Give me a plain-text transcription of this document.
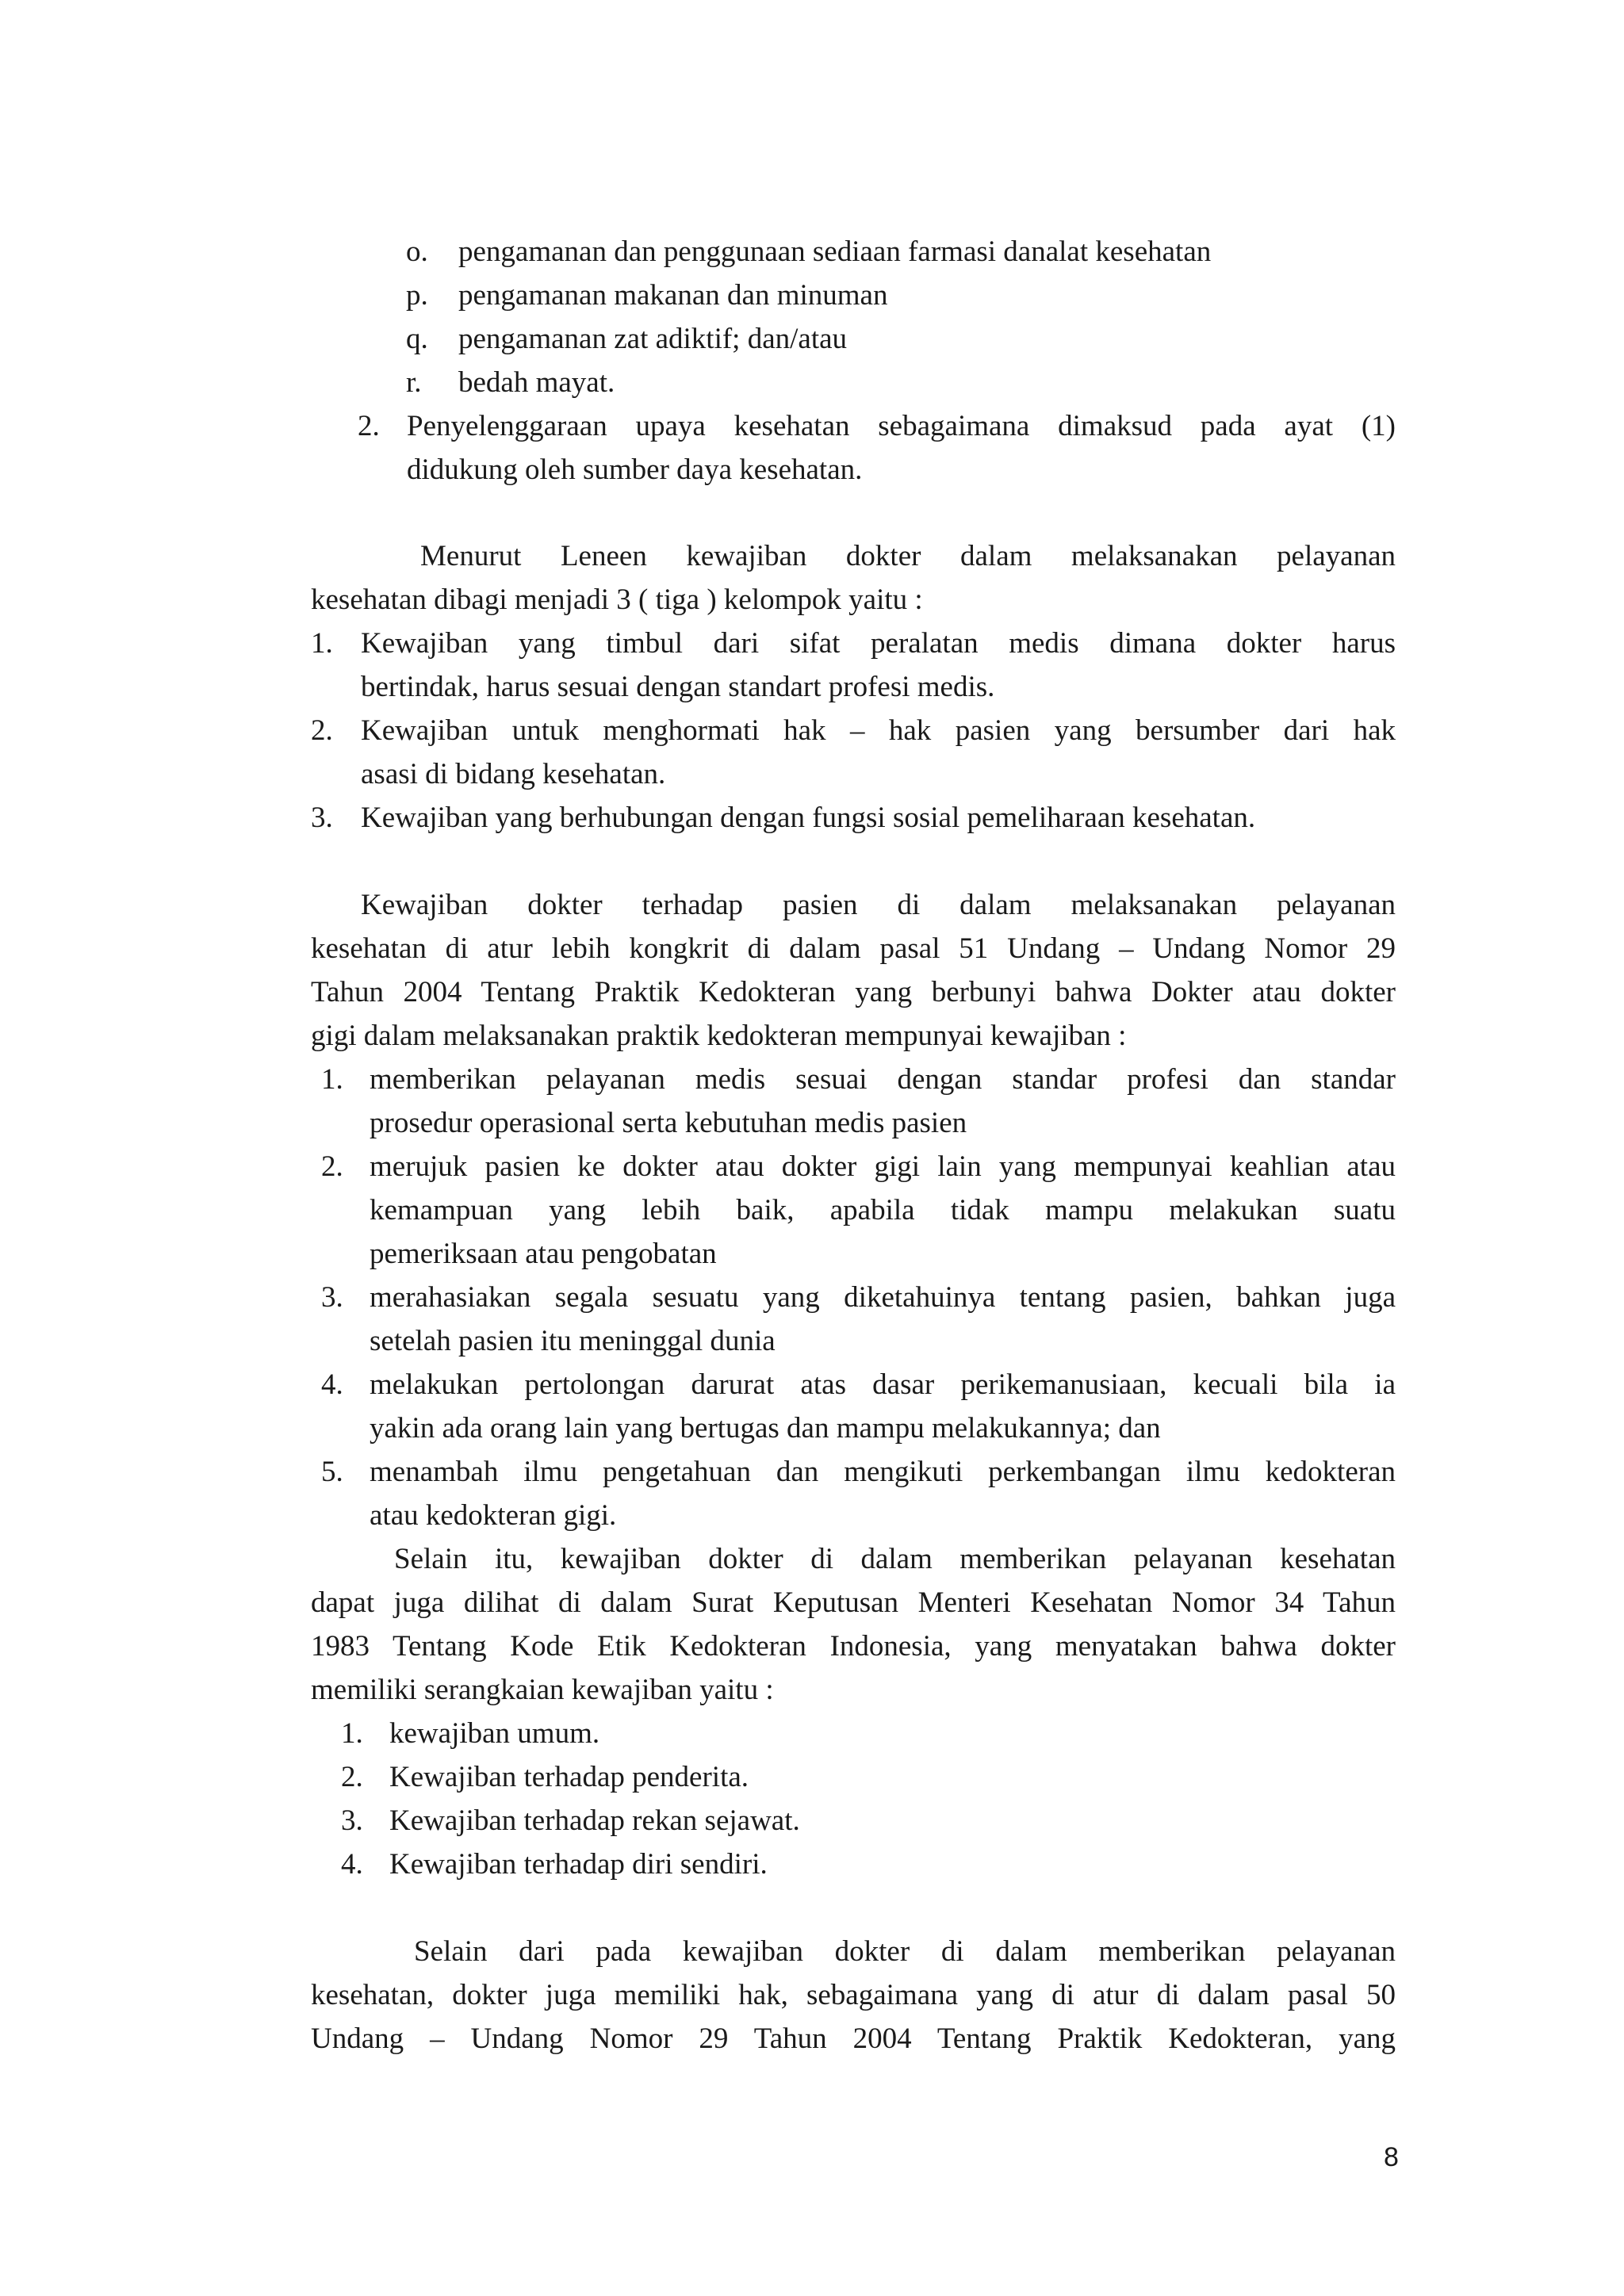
o. pengamanan dan penggunaan sediaan farmasi danalat kesehatan
p. pengamanan makanan dan minuman
q. pengamanan zat adiktif; dan/atau
r. bedah mayat.
2. Penyelenggaraan upaya kesehatan sebagaimana dimaksud pada ayat (1)
didukung oleh sumber daya kesehatan.
Menurut Leneen kewajiban dokter dalam melaksanakan pelayanan
kesehatan dibagi menjadi 3 ( tiga ) kelompok yaitu :
1. Kewajiban yang timbul dari sifat peralatan medis dimana dokter harus
bertindak, harus sesuai dengan standart profesi medis.
2. Kewajiban untuk menghormati hak – hak pasien yang bersumber dari hak
asasi di bidang kesehatan.
3. Kewajiban yang berhubungan dengan fungsi sosial pemeliharaan kesehatan.
Kewajiban dokter terhadap pasien di dalam melaksanakan pelayanan
kesehatan di atur lebih kongkrit di dalam pasal 51 Undang – Undang Nomor 29
Tahun 2004 Tentang Praktik Kedokteran yang berbunyi bahwa Dokter atau dokter
gigi dalam melaksanakan praktik kedokteran mempunyai kewajiban :
1. memberikan pelayanan medis sesuai dengan standar profesi dan standar
prosedur operasional serta kebutuhan medis pasien
2. merujuk pasien ke dokter atau dokter gigi lain yang mempunyai keahlian atau
kemampuan yang lebih baik, apabila tidak mampu melakukan suatu
pemeriksaan atau pengobatan
3. merahasiakan segala sesuatu yang diketahuinya tentang pasien, bahkan juga
setelah pasien itu meninggal dunia
4. melakukan pertolongan darurat atas dasar perikemanusiaan, kecuali bila ia
yakin ada orang lain yang bertugas dan mampu melakukannya; dan
5. menambah ilmu pengetahuan dan mengikuti perkembangan ilmu kedokteran
atau kedokteran gigi.
Selain itu, kewajiban dokter di dalam memberikan pelayanan kesehatan
dapat juga dilihat di dalam Surat Keputusan Menteri Kesehatan Nomor 34 Tahun
1983 Tentang Kode Etik Kedokteran Indonesia, yang menyatakan bahwa dokter
memiliki serangkaian kewajiban yaitu :
1. kewajiban umum.
2. Kewajiban terhadap penderita.
3. Kewajiban terhadap rekan sejawat.
4. Kewajiban terhadap diri sendiri.
Selain dari pada kewajiban dokter di dalam memberikan pelayanan
kesehatan, dokter juga memiliki hak, sebagaimana yang di atur di dalam pasal 50
Undang – Undang Nomor 29 Tahun 2004 Tentang Praktik Kedokteran, yang
8
